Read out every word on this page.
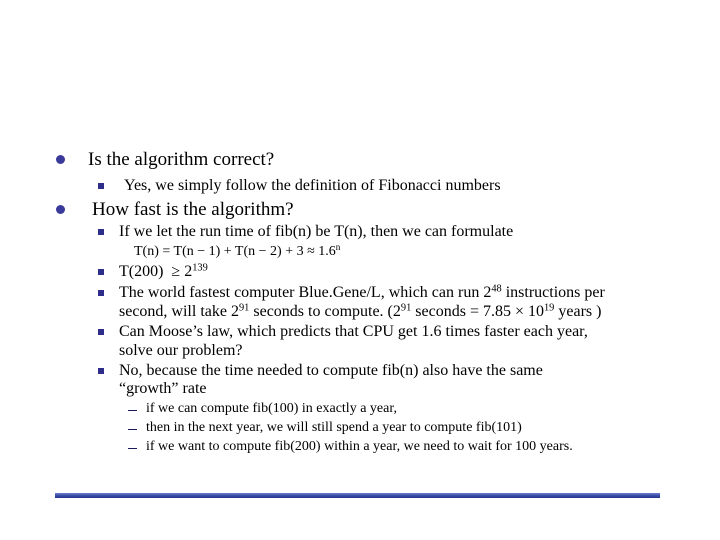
Is the algorithm correct?
Yes, we simply follow the definition of Fibonacci numbers
How fast is the algorithm?
If we let the run time of fib(n) be T(n), then we can formulate
$T(n) = T(n - 1) + T(n - 2) + 3 \approx 1.6^n$
$T(200) \ge 2^{139}$
The world fastest computer Blue.Gene/L, which can run $2^{48}$ instructions per
second, will take $2^{91}$ seconds to compute. ($2^{91}$ seconds = $7.85 \times 10^{19}$ years )
Can Moose’s law, which predicts that CPU get 1.6 times faster each year,
solve our problem?
No, because the time needed to compute fib(n) also have the same
“growth” rate
if we can compute fib(100) in exactly a year,
then in the next year, we will still spend a year to compute fib(101)
if we want to compute fib(200) within a year, we need to wait for 100 years.
